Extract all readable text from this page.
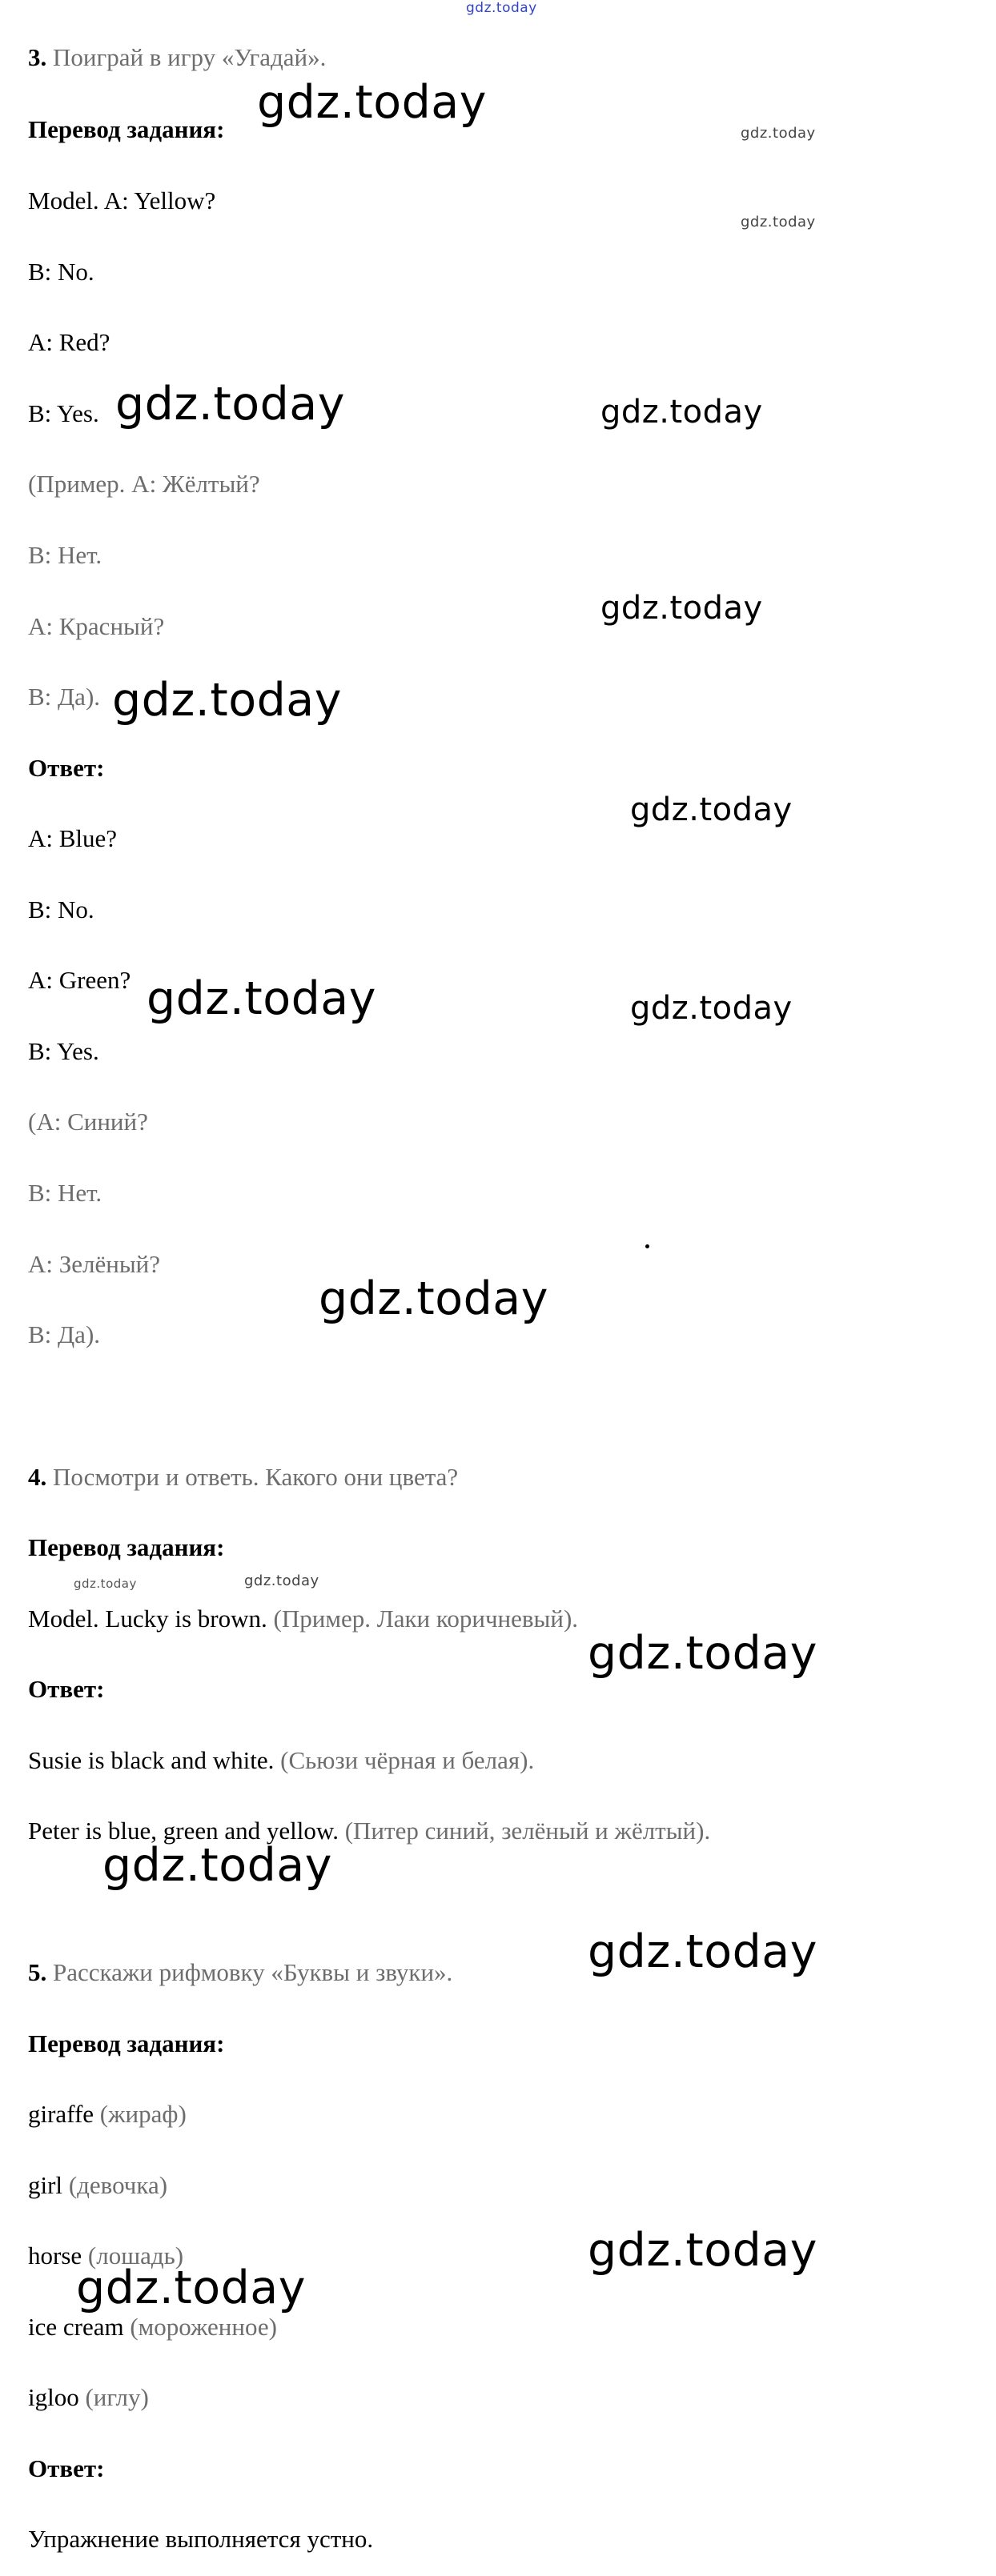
gdz.today
3. Поиграй в игру «Угадай».
Перевод задания:
Model. A: Yellow?
B: No.
A: Red?
B: Yes.
(Пример. А: Жёлтый?
В: Нет.
А: Красный?
В: Да).
Ответ:
A: Blue?
B: No.
A: Green?
B: Yes.
(А: Синий?
В: Нет.
А: Зелёный?
В: Да).
4. Посмотри и ответь. Какого они цвета?
Перевод задания:
Model. Lucky is brown. (Пример. Лаки коричневый).
Ответ:
Susie is black and white. (Сьюзи чёрная и белая).
Peter is blue, green and yellow. (Питер синий, зелёный и жёлтый).
5. Расскажи рифмовку «Буквы и звуки».
Перевод задания:
giraffe (жираф)
girl (девочка)
horse (лошадь)
ice cream (мороженное)
igloo (иглу)
Ответ:
Упражнение выполняется устно.
gdz.today
gdz.today
gdz.today
gdz.today	gdz.today
gdz.today
gdz.today
gdz.today
gdz.today	gdz.today
gdz.today
gdz.today	gdz.today
gdz.today
gdz.today
gdz.today
gdz.today
gdz.today
